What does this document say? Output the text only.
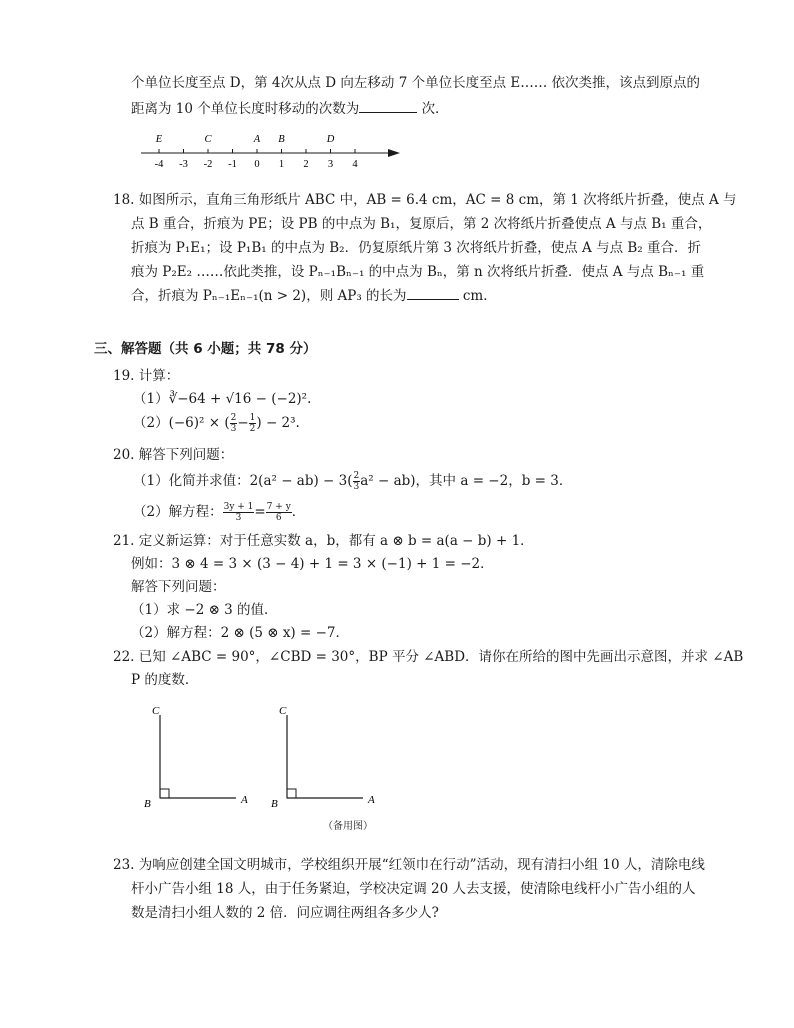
个单位长度至点 D，第 4次从点 D 向左移动 7 个单位长度至点 E…… 依次类推，该点到原点的
距离为 10 个单位长度时移动的次数为	次．
-4 -3 -2 -1 0 1 2 3 4
E	C	A B	D
18. 如图所示，直角三角形纸片 ABC 中，AB = 6.4 cm，AC = 8 cm，第 1 次将纸片折叠，使点 A 与
点 B 重合，折痕为 PE；设 PB 的中点为 B₁，复原后，第 2 次将纸片折叠使点 A 与点 B₁ 重合，
折痕为 P₁E₁；设 P₁B₁ 的中点为 B₂．仍复原纸片第 3 次将纸片折叠，使点 A 与点 B₂ 重合．折
痕为 P₂E₂ ……依此类推，设 Pₙ₋₁Bₙ₋₁ 的中点为 Bₙ，第 n 次将纸片折叠．使点 A 与点 Bₙ₋₁ 重
合，折痕为 Pₙ₋₁Eₙ₋₁(n > 2)，则 AP₃ 的长为	cm．
三、解答题（共 6 小题；共 78 分）
19. 计算：
（1）∛−64 + √16 − (−2)².
（2）(−6)² × ( $\frac{2}{3} - \frac{1}{2}$ ) − 2³.
20. 解答下列问题：
（1）化简并求值：$2(a^2 - ab) - 3( \frac{2}{3} a^2 - ab)$，其中 a = −2，b = 3．
（2）解方程： $\frac{3y + 1}{3} = \frac{7 + y}{6}$ ．
21. 定义新运算：对于任意实数 a，b，都有 a ⊗ b = a(a − b) + 1．
例如：3 ⊗ 4 = 3 × (3 − 4) + 1 = 3 × (−1) + 1 = −2．
解答下列问题：
（1）求 −2 ⊗ 3 的值．
（2）解方程：2 ⊗ (5 ⊗ x) = −7．
22. 已知 ∠ABC = 90°，∠CBD = 30°，BP 平分 ∠ABD．请你在所给的图中先画出示意图，并求 ∠AB
P 的度数．
C
B	A
C
B	A
（备用图）
23. 为响应创建全国文明城市，学校组织开展“红领巾在行动”活动，现有清扫小组 10 人，清除电线
杆小广告小组 18 人，由于任务紧迫，学校决定调 20 人去支援，使清除电线杆小广告小组的人
数是清扫小组人数的 2 倍．问应调往两组各多少人?
